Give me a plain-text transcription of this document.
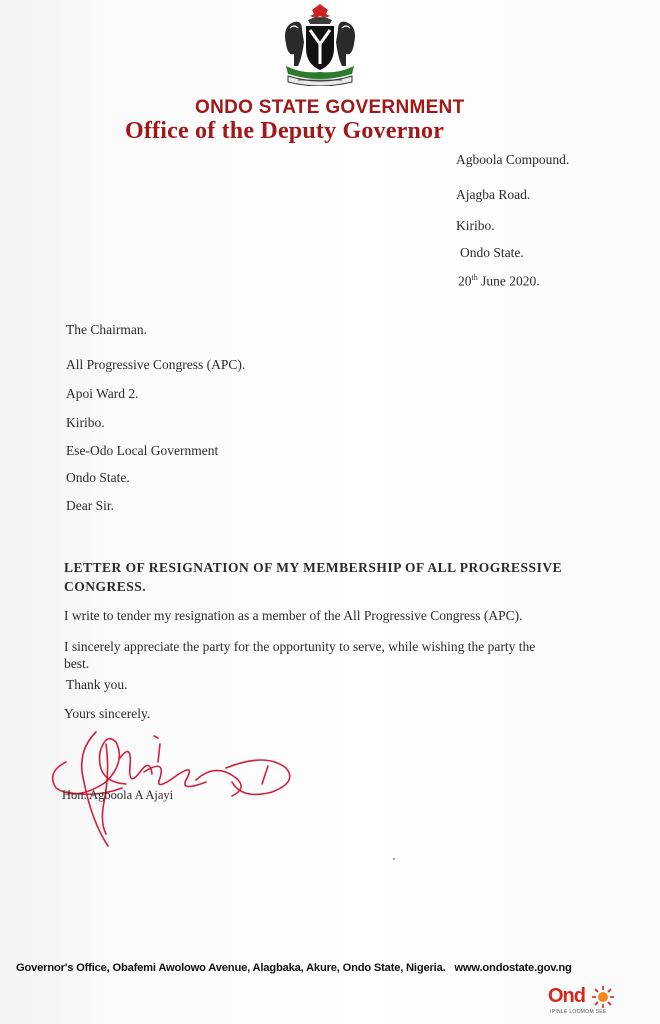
ONDO STATE GOVERNMENT
Office of the Deputy Governor
Agboola Compound.
Ajagba Road.
Kiribo.
Ondo State.
20th June 2020.
The Chairman.
All Progressive Congress (APC).
Apoi Ward 2.
Kiribo.
Ese-Odo Local Government
Ondo State.
Dear Sir.
LETTER OF RESIGNATION OF MY MEMBERSHIP OF ALL PROGRESSIVE
CONGRESS.
I write to tender my resignation as a member of the All Progressive Congress (APC).
I sincerely appreciate the party for the opportunity to serve, while wishing the party the
best.
Thank you.
Yours sincerely.
Hon. Agboola A Ajayi
Governor's Office, Obafemi Awolowo Avenue, Alagbaka, Akure, Ondo State, Nigeria. www.ondostate.gov.ng
Ond
IPINLE LOOMOM SEE
